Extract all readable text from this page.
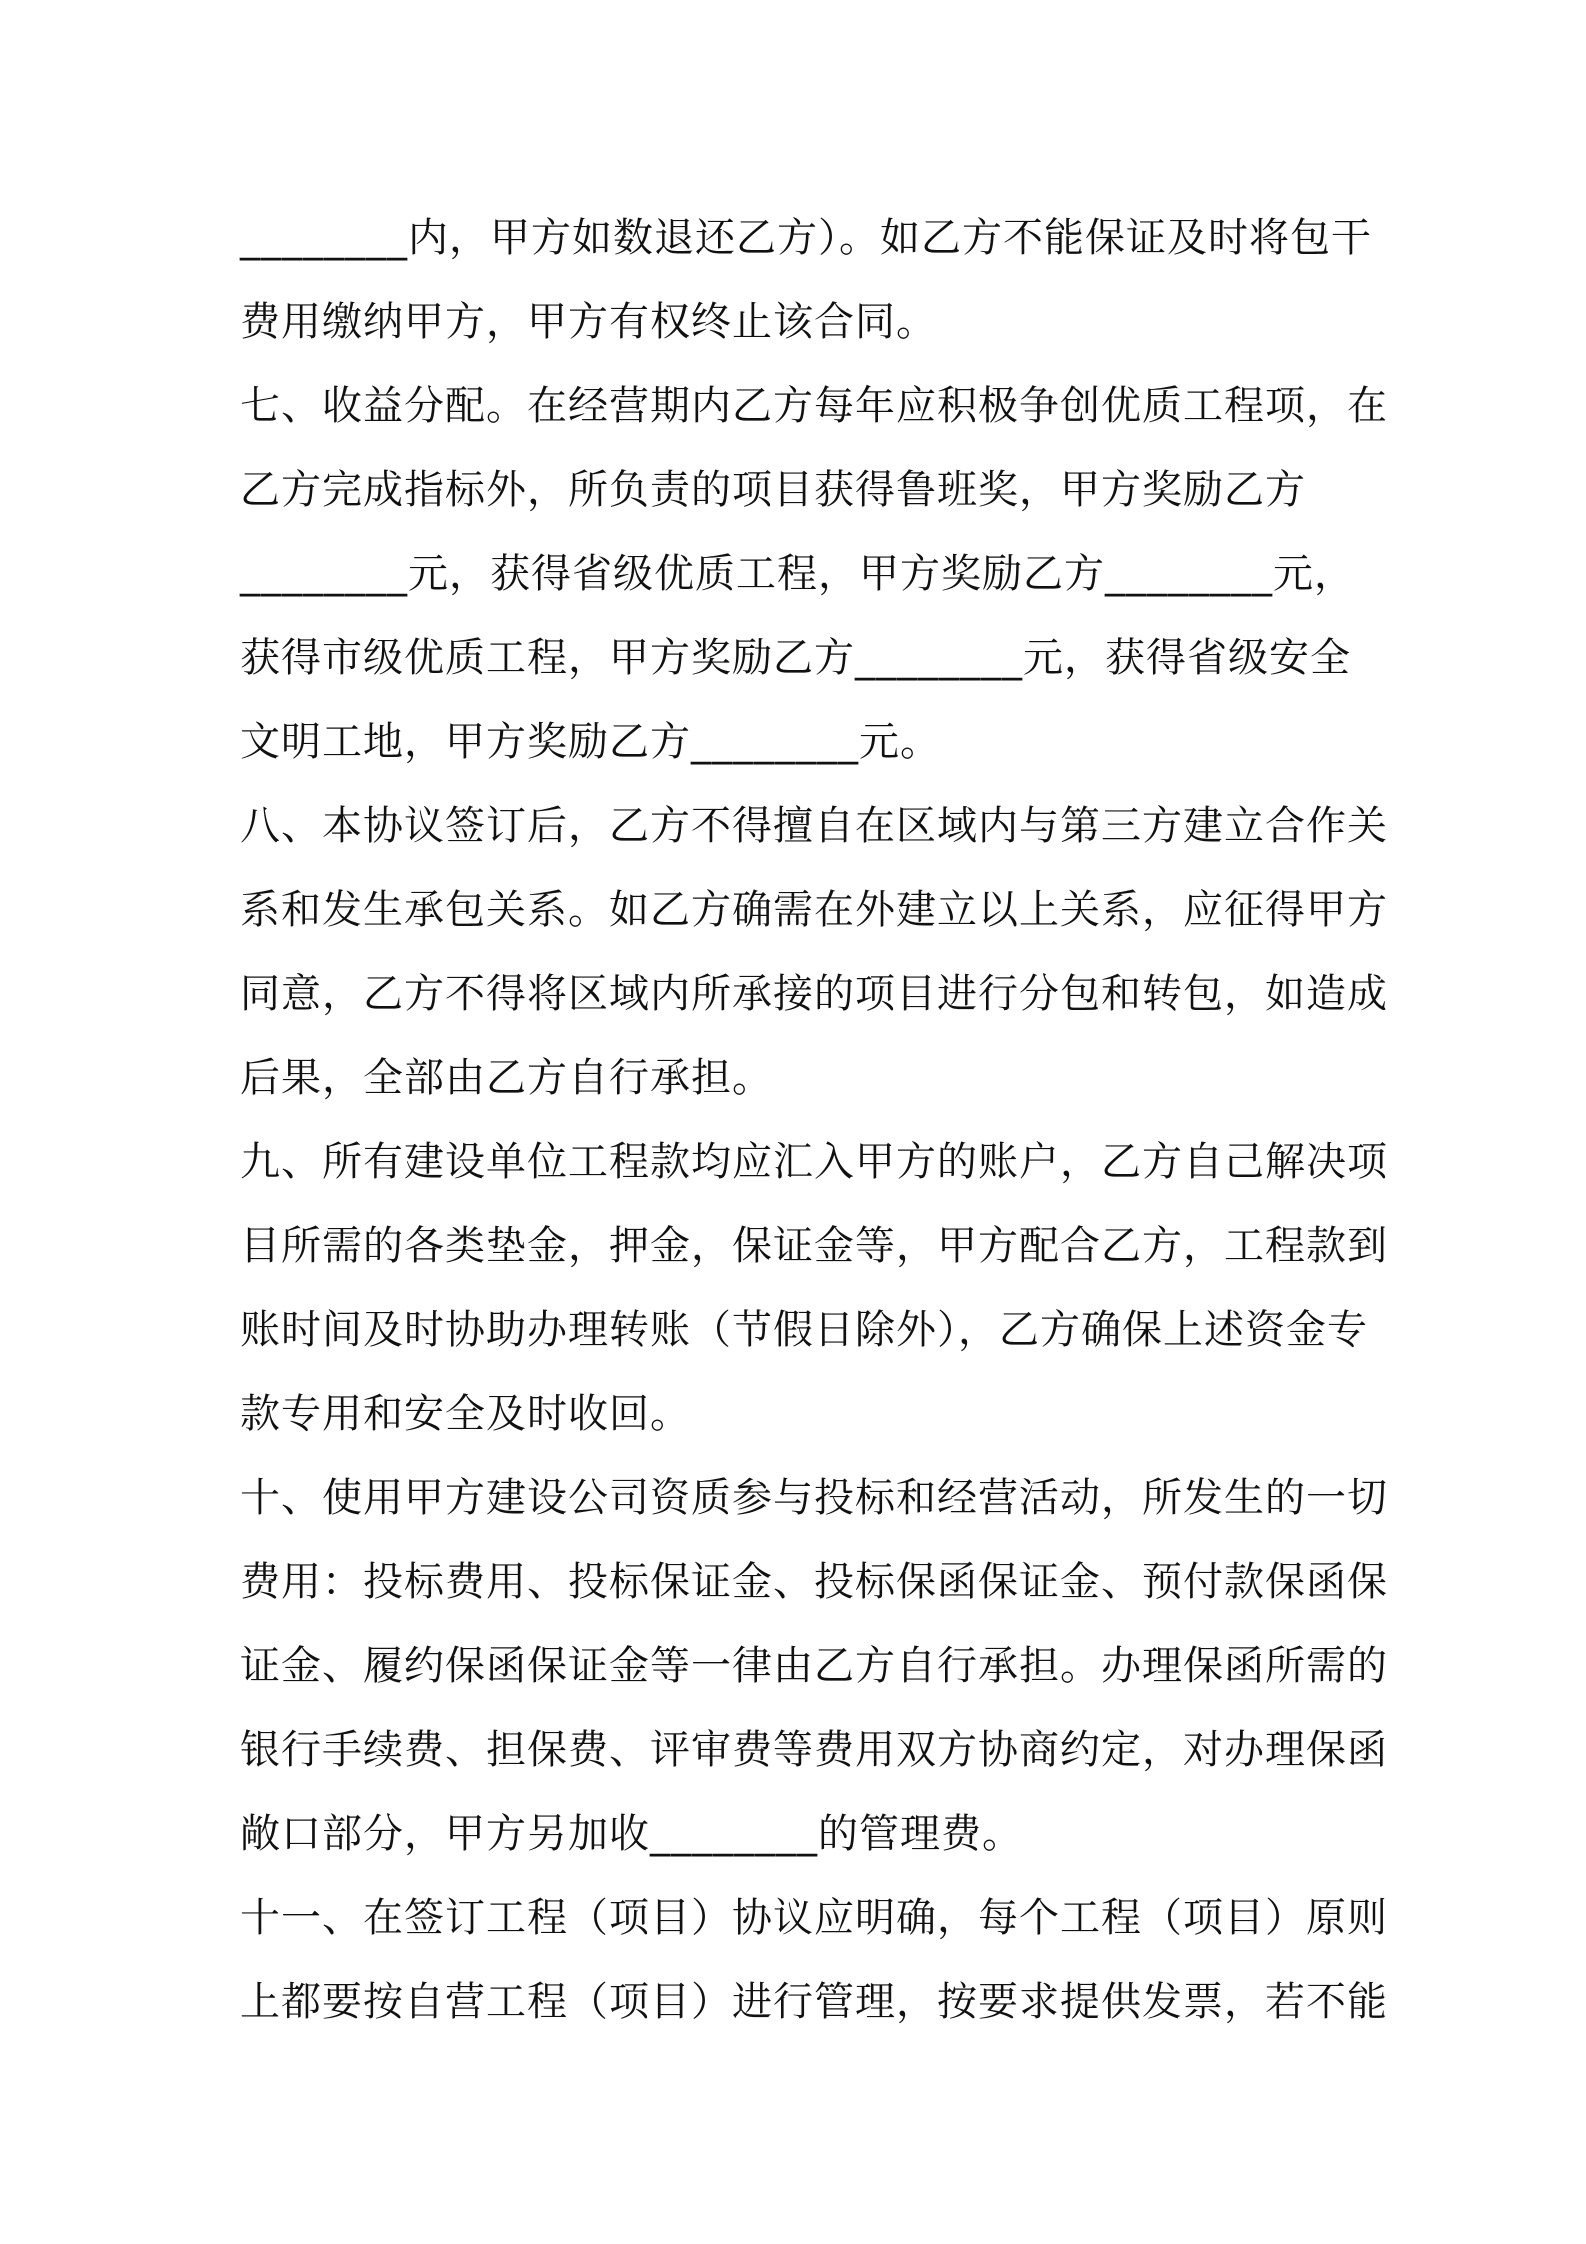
________内，甲方如数退还乙方）。如乙方不能保证及时将包干
费用缴纳甲方，甲方有权终止该合同。
七、收益分配。在经营期内乙方每年应积极争创优质工程项，在
乙方完成指标外，所负责的项目获得鲁班奖，甲方奖励乙方
________元，获得省级优质工程，甲方奖励乙方________元，
获得市级优质工程，甲方奖励乙方________元，获得省级安全
文明工地，甲方奖励乙方________元。
八、本协议签订后，乙方不得擅自在区域内与第三方建立合作关
系和发生承包关系。如乙方确需在外建立以上关系，应征得甲方
同意，乙方不得将区域内所承接的项目进行分包和转包，如造成
后果，全部由乙方自行承担。
九、所有建设单位工程款均应汇入甲方的账户，乙方自己解决项
目所需的各类垫金，押金，保证金等，甲方配合乙方，工程款到
账时间及时协助办理转账（节假日除外），乙方确保上述资金专
款专用和安全及时收回。
十、使用甲方建设公司资质参与投标和经营活动，所发生的一切
费用：投标费用、投标保证金、投标保函保证金、预付款保函保
证金、履约保函保证金等一律由乙方自行承担。办理保函所需的
银行手续费、担保费、评审费等费用双方协商约定，对办理保函
敞口部分，甲方另加收________的管理费。
十一、在签订工程（项目）协议应明确，每个工程（项目）原则
上都要按自营工程（项目）进行管理，按要求提供发票，若不能
